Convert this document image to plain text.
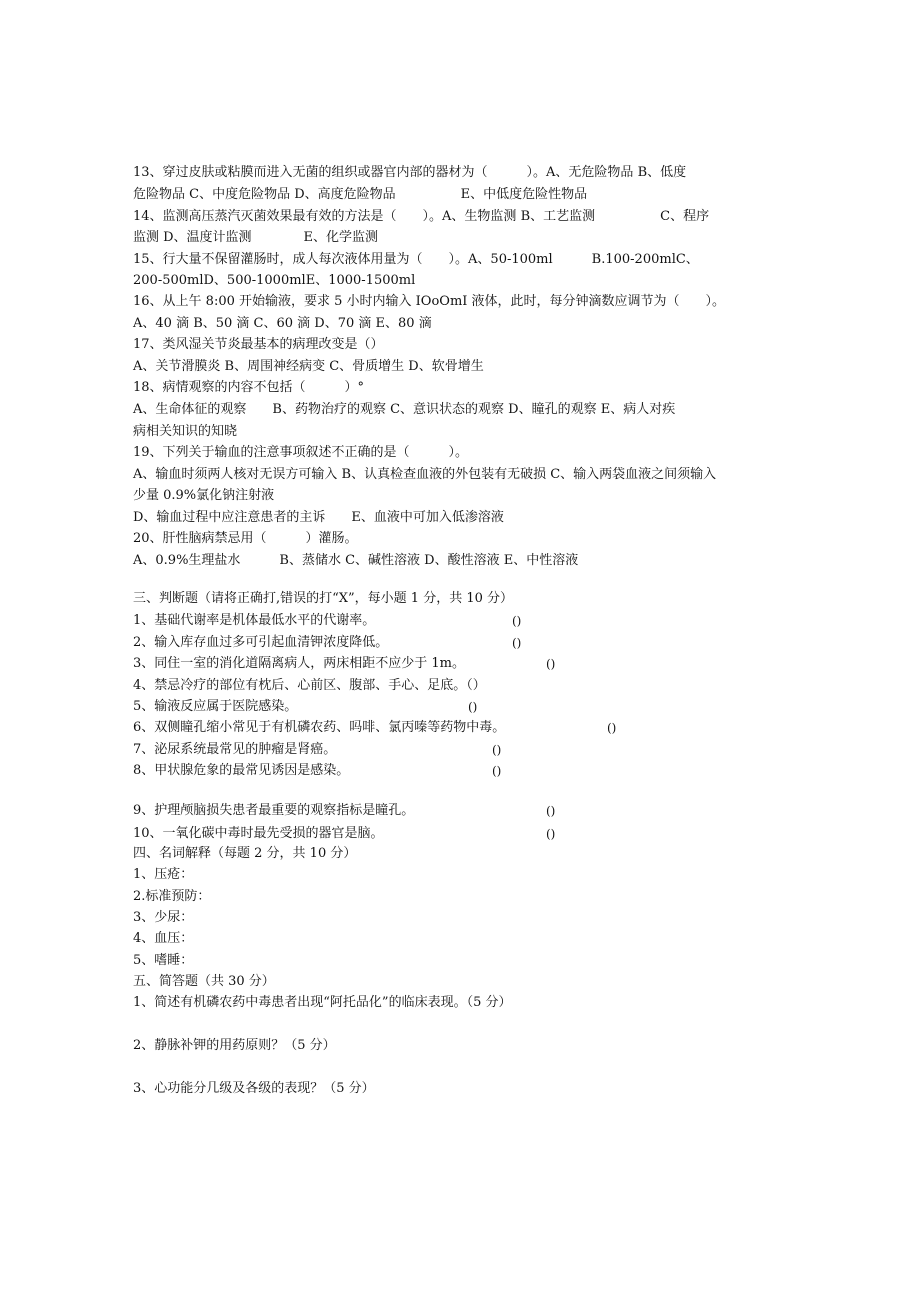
13、穿过皮肤或粘膜而进入无菌的组织或器官内部的器材为（　　　）。A、无危险物品 B、低度
危险物品 C、中度危险物品 D、高度危险物品　　　　　E、中低度危险性物品
14、监测高压蒸汽灭菌效果最有效的方法是（　　）。A、生物监测 B、工艺监测　　　　　C、程序
监测 D、温度计监测　　　　E、化学监测
15、行大量不保留灌肠时，成人每次液体用量为（　　）。A、50-100ml　　　B.100-200mlC、
200-500mlD、500-1000mlE、1000-1500ml
16、从上午 8:00 开始输液，要求 5 小时内输入 IOoOmI 液体，此时，每分钟滴数应调节为（　　）。
A、40 滴 B、50 滴 C、60 滴 D、70 滴 E、80 滴
17、类风湿关节炎最基本的病理改变是（）
A、关节滑膜炎 B、周围神经病变 C、骨质增生 D、软骨增生
18、病情观察的内容不包括（　　　）°
A、生命体征的观察　　B、药物治疗的观察 C、意识状态的观察 D、瞳孔的观察 E、病人对疾
病相关知识的知晓
19、下列关于输血的注意事项叙述不正确的是（　　　）。
A、输血时须两人核对无误方可输入 B、认真检查血液的外包装有无破损 C、输入两袋血液之间须输入
少量 0.9%氯化钠注射液
D、输血过程中应注意患者的主诉　　E、血液中可加入低渗溶液
20、肝性脑病禁忌用（　　　）灌肠。
A、0.9%生理盐水　　　B、蒸储水 C、碱性溶液 D、酸性溶液 E、中性溶液
三、判断题（请将正确打,错误的打“X”，每小题 1 分，共 10 分）
1、基础代谢率是机体最低水平的代谢率。	()
2、输入库存血过多可引起血清钾浓度降低。	()
3、同住一室的消化道隔离病人，两床相距不应少于 1m。	()
4、禁忌冷疗的部位有枕后、心前区、腹部、手心、足底。（）
5、输液反应属于医院感染。	()
6、双侧瞳孔缩小常见于有机磷农药、吗啡、氯丙嗪等药物中毒。	()
7、泌尿系统最常见的肿瘤是肾癌。	()
8、甲状腺危象的最常见诱因是感染。	()
9、护理颅脑损失患者最重要的观察指标是瞳孔。	()
10、一氧化碳中毒时最先受损的器官是脑。	()
四、名词解释（每题 2 分，共 10 分）
1、压疮：
2.标准预防：
3、少尿：
4、血压：
5、嗜睡：
五、简答题（共 30 分）
1、简述有机磷农药中毒患者出现“阿托品化”的临床表现。（5 分）
2、静脉补钾的用药原则？（5 分）
3、心功能分几级及各级的表现？（5 分）
